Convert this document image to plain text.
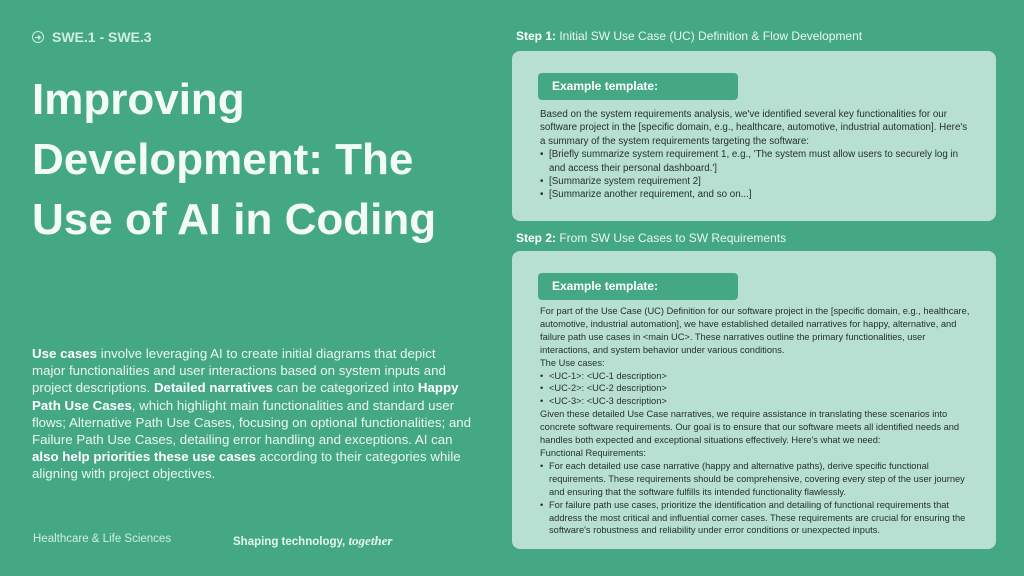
➜ SWE.1 - SWE.3
Improving Development: The Use of AI in Coding
Use cases involve leveraging AI to create initial diagrams that depict major functionalities and user interactions based on system inputs and project descriptions. Detailed narratives can be categorized into Happy Path Use Cases, which highlight main functionalities and standard user flows; Alternative Path Use Cases, focusing on optional functionalities; and Failure Path Use Cases, detailing error handling and exceptions. AI can also help priorities these use cases according to their categories while aligning with project objectives.
Healthcare & Life Sciences	Shaping technology, together
Step 1: Initial SW Use Case (UC) Definition & Flow Development
Example template:
Based on the system requirements analysis, we've identified several key functionalities for our software project in the [specific domain, e.g., healthcare, automotive, industrial automation]. Here's a summary of the system requirements targeting the software:
• [Briefly summarize system requirement 1, e.g., 'The system must allow users to securely log in and access their personal dashboard.']
• [Summarize system requirement 2]
• [Summarize another requirement, and so on...]
Step 2: From SW Use Cases to SW Requirements
Example template:
For part of the Use Case (UC) Definition for our software project in the [specific domain, e.g., healthcare, automotive, industrial automation], we have established detailed narratives for happy, alternative, and failure path use cases in <main UC>. These narratives outline the primary functionalities, user interactions, and system behavior under various conditions.
The Use cases:
• <UC-1>: <UC-1 description>
• <UC-2>: <UC-2 description>
• <UC-3>: <UC-3 description>
Given these detailed Use Case narratives, we require assistance in translating these scenarios into concrete software requirements. Our goal is to ensure that our software meets all identified needs and handles both expected and exceptional situations effectively. Here's what we need:
Functional Requirements:
• For each detailed use case narrative (happy and alternative paths), derive specific functional requirements. These requirements should be comprehensive, covering every step of the user journey and ensuring that the software fulfills its intended functionality flawlessly.
• For failure path use cases, prioritize the identification and detailing of functional requirements that address the most critical and influential corner cases. These requirements are crucial for ensuring the software's robustness and reliability under error conditions or unexpected inputs.
